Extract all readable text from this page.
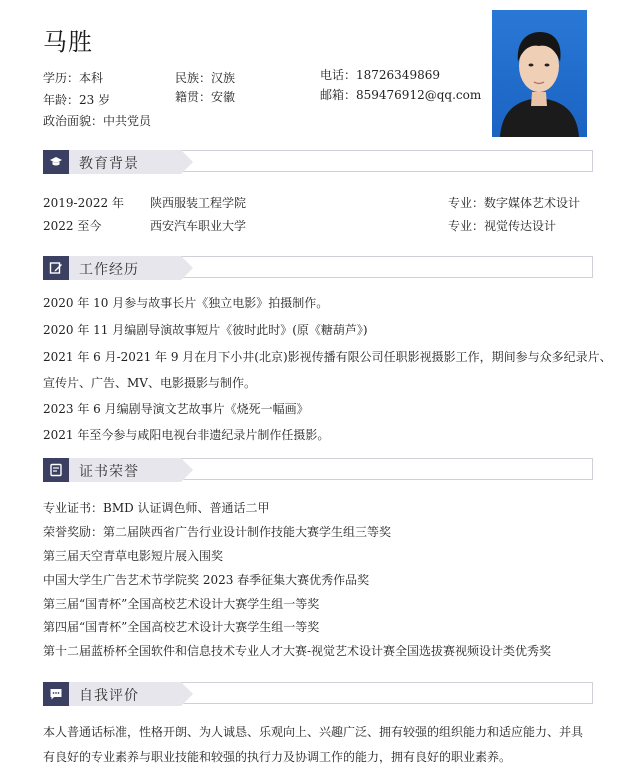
马胜
学历：本科
年龄：23 岁
政治面貌：中共党员
民族：汉族
籍贯：安徽
电话：18726349869
邮箱：859476912@qq.com
教育背景
2019-2022 年 陕西服装工程学院	专业：数字媒体艺术设计
2022 至今	西安汽车职业大学	专业：视觉传达设计
工作经历
2020 年 10 月参与故事长片《独立电影》拍摄制作。
2020 年 11 月编剧导演故事短片《彼时此时》(原《糖葫芦》)
2021 年 6 月-2021 年 9 月在月下小井(北京)影视传播有限公司任职影视摄影工作，期间参与众多纪录片、
宣传片、广告、MV、电影摄影与制作。
2023 年 6 月编剧导演文艺故事片《烧死一幅画》
2021 年至今参与咸阳电视台非遗纪录片制作任摄影。
证书荣誉
专业证书：BMD 认证调色师、普通话二甲
荣誉奖励：第二届陕西省广告行业设计制作技能大赛学生组三等奖
第三届天空青草电影短片展入围奖
中国大学生广告艺术节学院奖 2023 春季征集大赛优秀作品奖
第三届“国青杯”全国高校艺术设计大赛学生组一等奖
第四届“国青杯”全国高校艺术设计大赛学生组一等奖
第十二届蓝桥杯全国软件和信息技术专业人才大赛-视觉艺术设计赛全国选拔赛视频设计类优秀奖
自我评价
本人普通话标准，性格开朗、为人诚恳、乐观向上、兴趣广泛、拥有较强的组织能力和适应能力、并具有良好的专业素养与职业技能和较强的执行力及协调工作的能力，拥有良好的职业素养。
